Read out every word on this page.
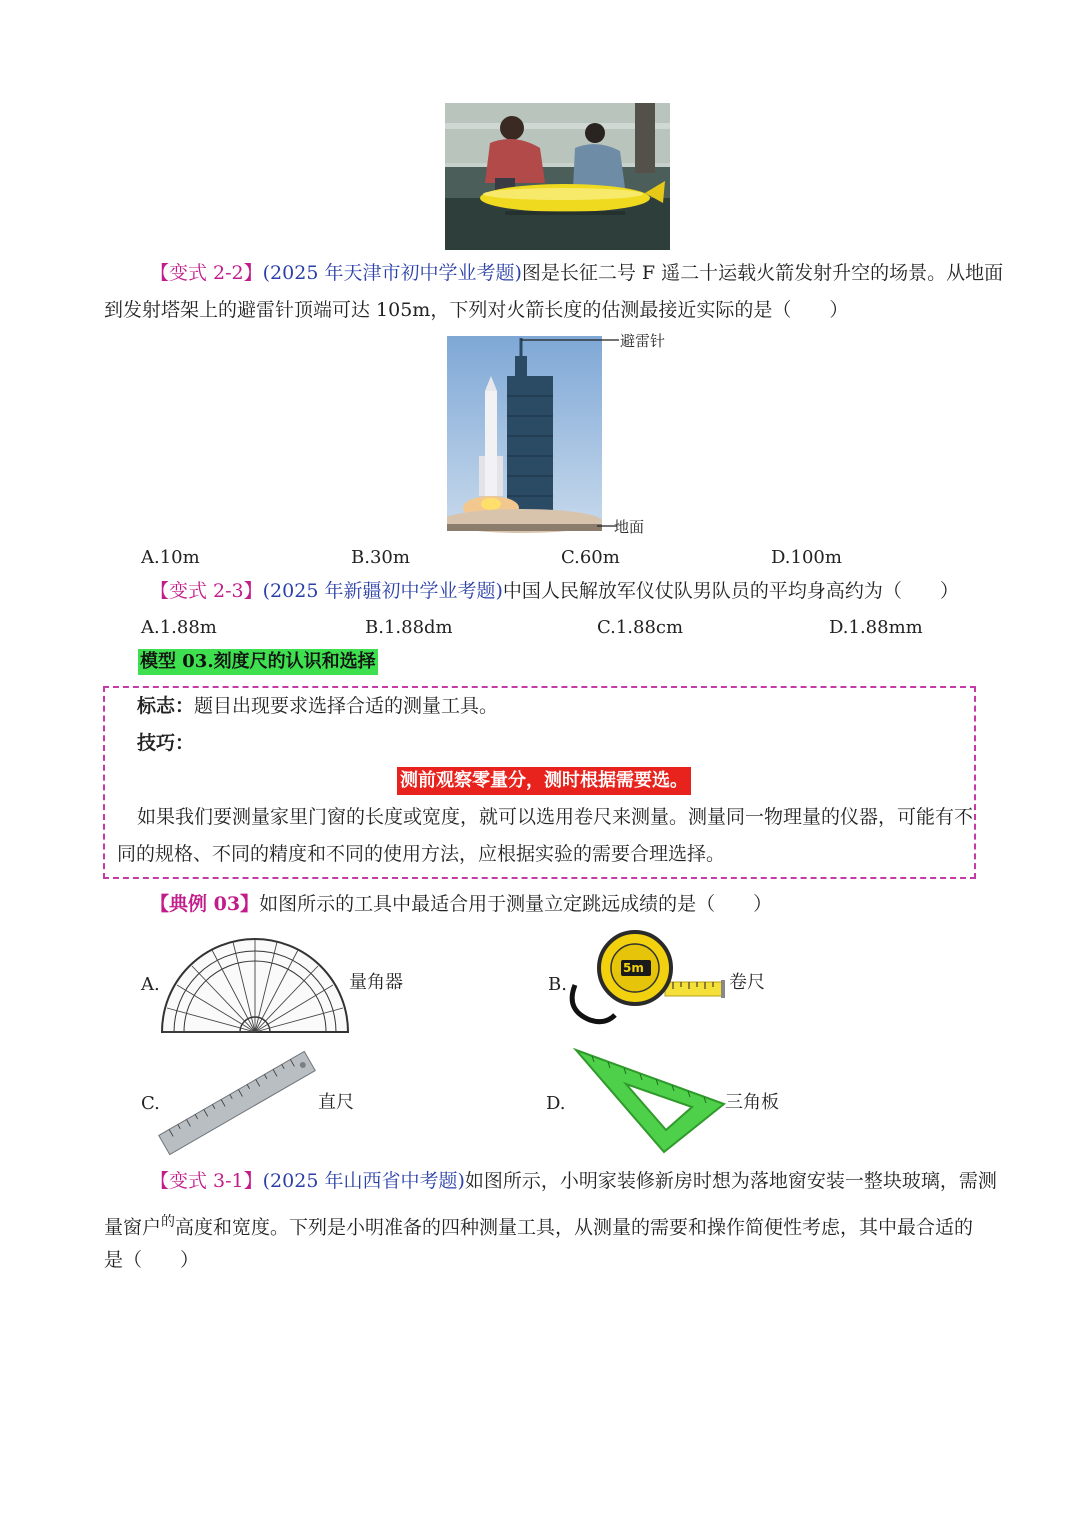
【变式 2-2】(2025 年天津市初中学业考题)图是长征二号 F 遥二十运载火箭发射升空的场景。从地面
到发射塔架上的避雷针顶端可达 105m，下列对火箭长度的估测最接近实际的是（　　）
避雷针
地面
A.10m	B.30m	C.60m	D.100m
【变式 2-3】(2025 年新疆初中学业考题)中国人民解放军仪仗队男队员的平均身高约为（　　）
A.1.88m	B.1.88dm	C.1.88cm	D.1.88mm
模型 03.刻度尺的认识和选择
标志：题目出现要求选择合适的测量工具。
技巧：
测前观察零量分，测时根据需要选。
如果我们要测量家里门窗的长度或宽度，就可以选用卷尺来测量。测量同一物理量的仪器，可能有不
同的规格、不同的精度和不同的使用方法，应根据实验的需要合理选择。
【典例 03】如图所示的工具中最适合用于测量立定跳远成绩的是（　　）
A.	量角器	B.
5m
卷尺
C.	直尺	D.	三角板
【变式 3-1】(2025 年山西省中考题)如图所示，小明家装修新房时想为落地窗安装一整块玻璃，需测
量窗户$^的$高度和宽度。下列是小明准备的四种测量工具，从测量的需要和操作简便性考虑，其中最合适的
是（　　）
